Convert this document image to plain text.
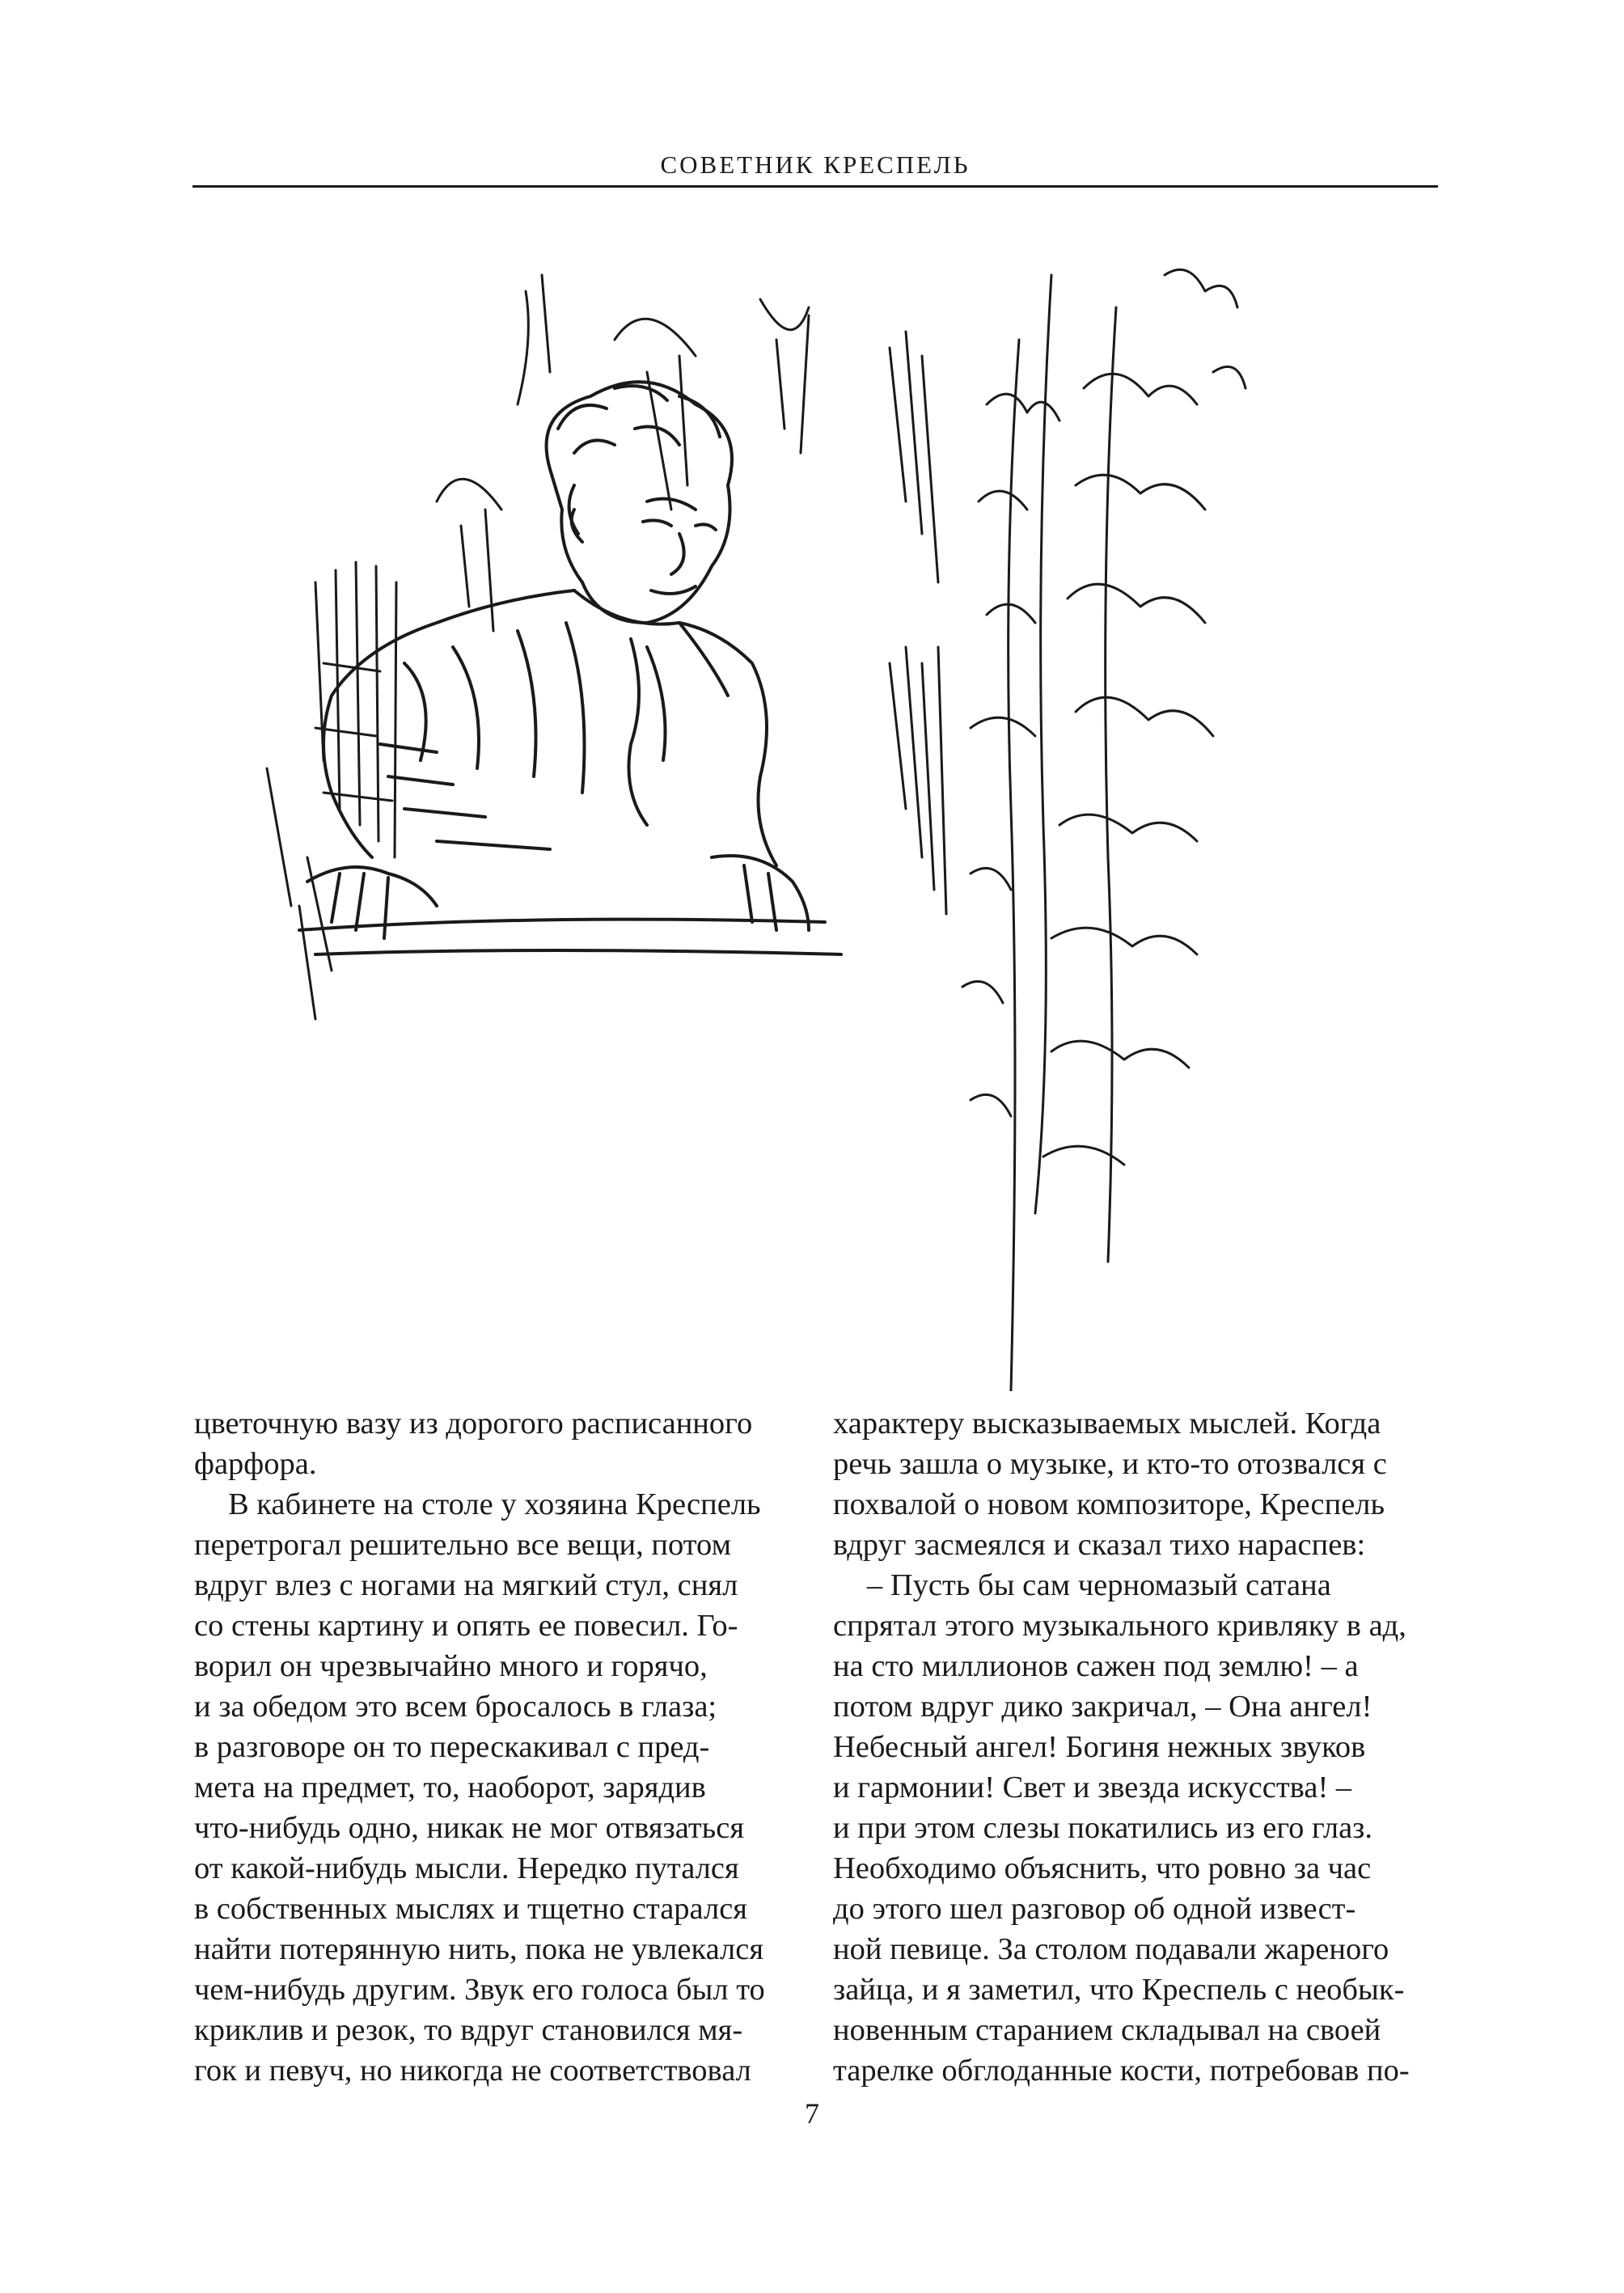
СОВЕТНИК КРЕСПЕЛЬ

цветочную вазу из дорогого расписанного
фарфора.

В кабинете на столе у хозяина Креспель
перетрогал решительно все вещи, потом
вдруг влез с ногами на мягкий стул, снял
со стены картину и опять ее повесил. Го-
ворил он чрезвычайно много и горячо,
и за обедом это всем бросалось в глаза;
в разговоре он то перескакивал с пред-
мета на предмет, то, наоборот, зарядив
что-нибудь одно, никак не мог отвязаться
от какой-нибудь мысли. Нередко путался
в собственных мыслях и тщетно старался
найти потерянную нить, пока не увлекался
чем-нибудь другим. Звук его голоса был то
криклив и резок, то вдруг становился мя-
гок и певуч, но никогда не соответствовал

характеру высказываемых мыслей. Когда
речь зашла о музыке, и кто-то отозвался с
похвалой о новом композиторе, Креспель
вдруг засмеялся и сказал тихо нараспев:

– Пусть бы сам черномазый сатана
спрятал этого музыкального кривляку в ад,
на сто миллионов сажен под землю! – а
потом вдруг дико закричал, – Она ангел!
Небесный ангел! Богиня нежных звуков
и гармонии! Свет и звезда искусства! –
и при этом слезы покатились из его глаз.
Необходимо объяснить, что ровно за час
до этого шел разговор об одной извест-
ной певице. За столом подавали жареного
зайца, и я заметил, что Креспель с необык-
новенным старанием складывал на своей
тарелке обглоданные кости, потребовав по-

7
